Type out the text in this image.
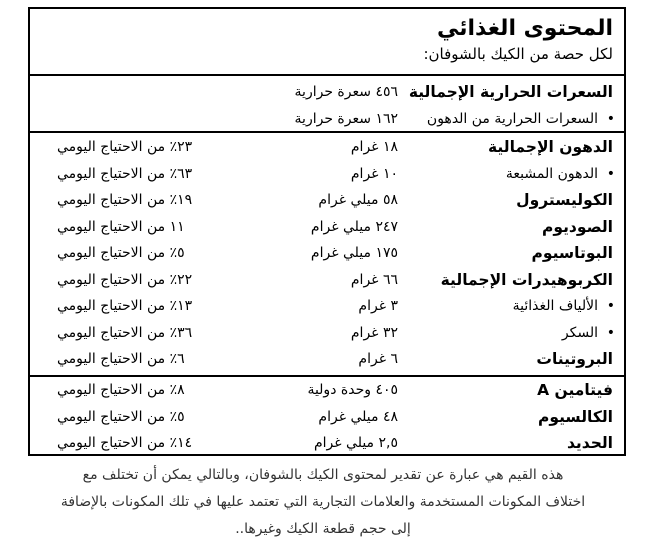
المحتوى الغذائي
لكل حصة من الكيك بالشوفان:
السعرات الحرارية الإجمالية
٤٥٦ سعرة حرارية
• السعرات الحرارية من الدهون
١٦٢ سعرة حرارية
الدهون الإجمالية
١٨ غرام
٢٣٪ من الاحتياج اليومي
• الدهون المشبعة
١٠ غرام
٦٣٪ من الاحتياج اليومي
الكوليسترول
٥٨ ميلي غرام
١٩٪ من الاحتياج اليومي
الصوديوم
٢٤٧ ميلي غرام
١١ من الاحتياج اليومي
البوتاسيوم
١٧٥ ميلي غرام
٥٪ من الاحتياج اليومي
الكربوهيدرات الإجمالية
٦٦ غرام
٢٢٪ من الاحتياج اليومي
• الألياف الغذائية
٣ غرام
١٣٪ من الاحتياج اليومي
• السكر
٣٢ غرام
٣٦٪ من الاحتياج اليومي
البروتينات
٦ غرام
٦٪ من الاحتياج اليومي
فيتامين A
٤٠٥ وحدة دولية
٨٪ من الاحتياج اليومي
الكالسيوم
٤٨ ميلي غرام
٥٪ من الاحتياج اليومي
الحديد
٢,٥ ميلي غرام
١٤٪ من الاحتياج اليومي
هذه القيم هي عبارة عن تقدير لمحتوى الكيك بالشوفان، وبالتالي يمكن أن تختلف مع
اختلاف المكونات المستخدمة والعلامات التجارية التي تعتمد عليها في تلك المكونات بالإضافة
إلى حجم قطعة الكيك وغيرها..
